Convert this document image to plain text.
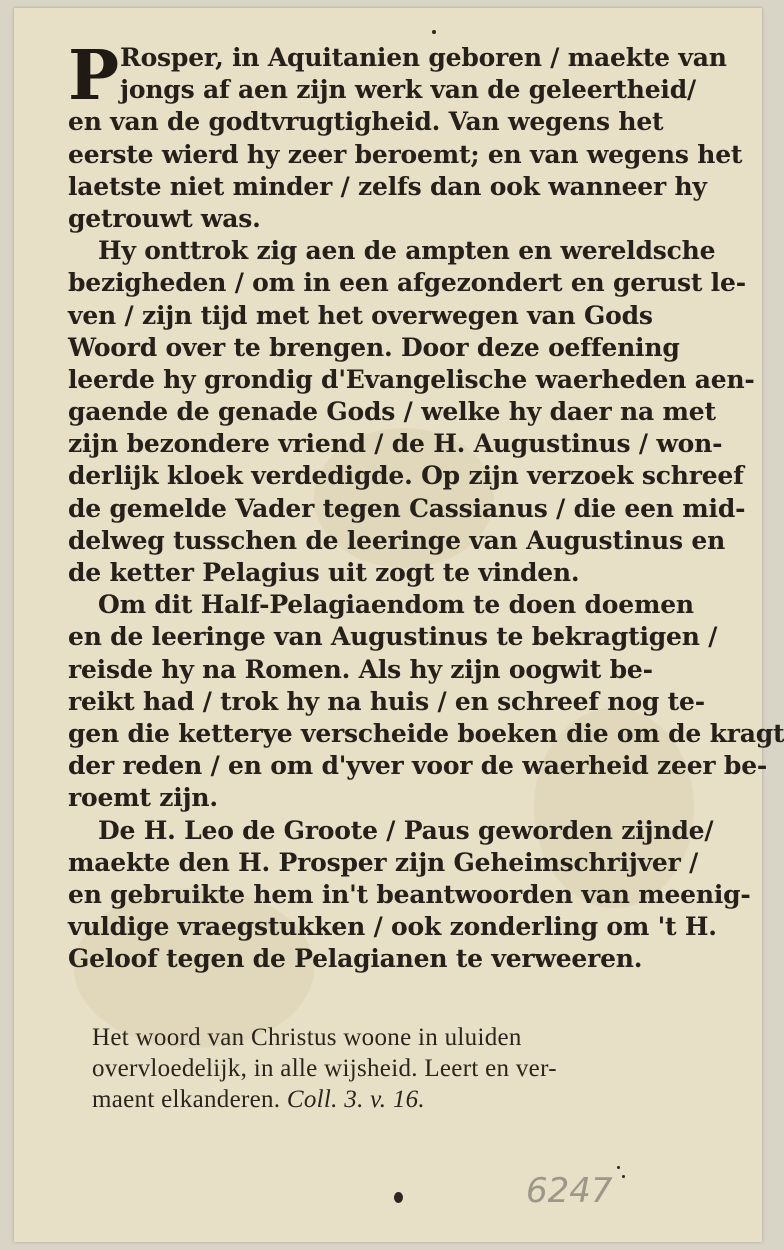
P Rosper, in Aquitanien geboren / maekte van
jongs af aen zijn werk van de geleertheid/
en van de godtvrugtigheid. Van wegens het
eerste wierd hy zeer beroemt; en van wegens het
laetste niet minder / zelfs dan ook wanneer hy
getrouwt was.
Hy onttrok zig aen de ampten en wereldsche
bezigheden / om in een afgezondert en gerust le-
ven / zijn tijd met het overwegen van Gods
Woord over te brengen. Door deze oeffening
leerde hy grondig d'Evangelische waerheden aen-
gaende de genade Gods / welke hy daer na met
zijn bezondere vriend / de H. Augustinus / won-
derlijk kloek verdedigde. Op zijn verzoek schreef
de gemelde Vader tegen Cassianus / die een mid-
delweg tusschen de leeringe van Augustinus en
de ketter Pelagius uit zogt te vinden.
Om dit Half-Pelagiaendom te doen doemen
en de leeringe van Augustinus te bekragtigen /
reisde hy na Romen. Als hy zijn oogwit be-
reikt had / trok hy na huis / en schreef nog te-
gen die ketterye verscheide boeken die om de kragt
der reden / en om d'yver voor de waerheid zeer be-
roemt zijn.
De H. Leo de Groote / Paus geworden zijnde/
maekte den H. Prosper zijn Geheimschrijver /
en gebruikte hem in't beantwoorden van meenig-
vuldige vraegstukken / ook zonderling om 't H.
Geloof tegen de Pelagianen te verweeren.
Het woord van Christus woone in uluiden
overvloedelijk, in alle wijsheid. Leert en ver-
maent elkanderen. Coll. 3. v. 16.
6247
